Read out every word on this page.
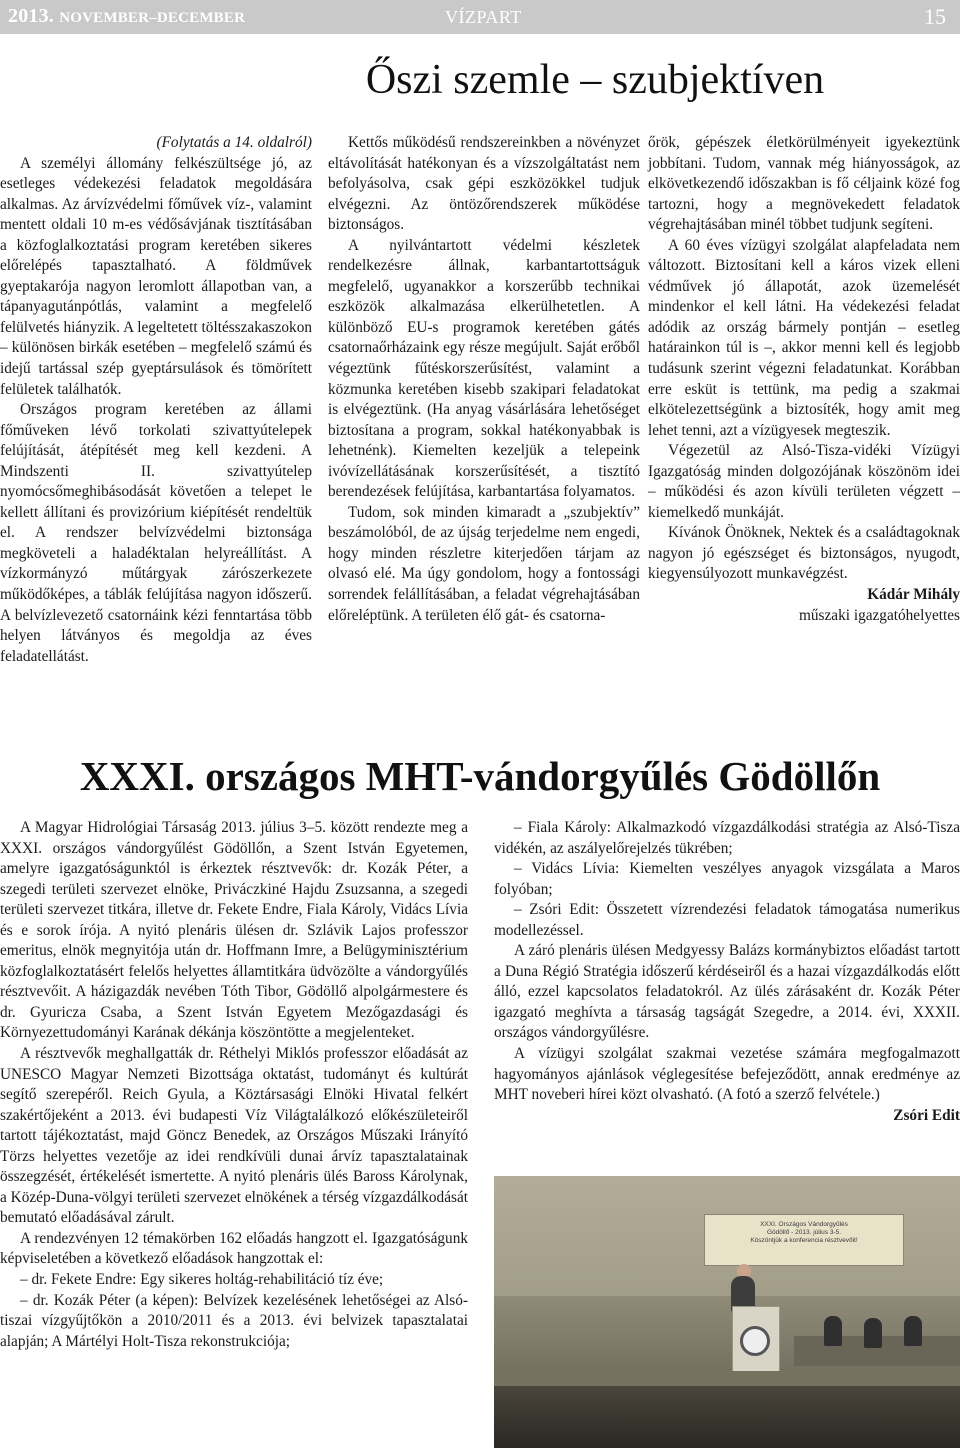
2013. NOVEMBER–DECEMBER	VÍZPART	15
Őszi szemle – szubjektíven

(Folytatás a 14. oldalról)

A személyi állomány felkészültsége jó, az esetleges védekezési feladatok megoldására alkalmas. Az árvízvédelmi főművek víz-, valamint mentett oldali 10 m-es védősávjának tisztításában a közfoglalkoztatási program keretében sikeres előrelépés tapasztalható. A földművek gyeptakarója nagyon leromlott állapotban van, a tápanyagutánpótlás, valamint a megfelelő felülvetés hiányzik. A legeltetett töltésszakaszokon – különösen birkák esetében – megfelelő számú és idejű tartással szép gyeptársulások és tömörített felületek találhatók.

Országos program keretében az állami főműveken lévő torkolati szivattyútelepek felújítását, átépítését meg kell kezdeni. A Mindszenti II. szivattyútelep nyomócsőmeghibásodását követően a telepet le kellett állítani és provizórium kiépítését rendeltük el. A rendszer belvízvédelmi biztonsága megköveteli a haladéktalan helyreállítást. A vízkormányzó műtárgyak zárószerkezete működőképes, a táblák felújítása nagyon időszerű. A belvízlevezető csatornáink kézi fenntartása több helyen látványos és megoldja az éves feladatellátást.

Kettős működésű rendszereinkben a növényzet eltávolítását hatékonyan és a vízszolgáltatást nem befolyásolva, csak gépi eszközökkel tudjuk elvégezni. Az öntözőrendszerek működése biztonságos.

A nyilvántartott védelmi készletek rendelkezésre állnak, karbantartottságuk megfelelő, ugyanakkor a korszerűbb technikai eszközök alkalmazása elkerülhetetlen. A különböző EU-s programok keretében gátés csatornaőrházaink egy része megújult. Saját erőből végeztünk fűtéskorszerűsítést, valamint a közmunka keretében kisebb szakipari feladatokat is elvégeztünk. (Ha anyag vásárlására lehetőséget biztosítana a program, sokkal hatékonyabbak is lehetnénk). Kiemelten kezeljük a telepeink ivóvízellátásának korszerűsítését, a tisztító berendezések felújítása, karbantartása folyamatos.

Tudom, sok minden kimaradt a „szubjektív” beszámolóból, de az újság terjedelme nem engedi, hogy minden részletre kiterjedően tárjam az olvasó elé. Ma úgy gondolom, hogy a fontossági sorrendek felállításában, a feladat végrehajtásában előreléptünk. A területen élő gát- és csatorna-

őrök, gépészek életkörülményeit igyekeztünk jobbítani. Tudom, vannak még hiányosságok, az elkövetkezendő időszakban is fő céljaink közé fog tartozni, hogy a megnövekedett feladatok végrehajtásában minél többet tudjunk segíteni.

A 60 éves vízügyi szolgálat alapfeladata nem változott. Biztosítani kell a káros vizek elleni védművek jó állapotát, azok üzemelését mindenkor el kell látni. Ha védekezési feladat adódik az ország bármely pontján – esetleg határainkon túl is –, akkor menni kell és legjobb tudásunk szerint végezni feladatunkat. Korábban erre esküt is tettünk, ma pedig a szakmai elkötelezettségünk a biztosíték, hogy amit meg lehet tenni, azt a vízügyesek megteszik.

Végezetül az Alsó-Tisza-vidéki Vízügyi Igazgatóság minden dolgozójának köszönöm idei – működési és azon kívüli területen végzett – kiemelkedő munkáját.

Kívánok Önöknek, Nektek és a családtagoknak nagyon jó egészséget és biztonságos, nyugodt, kiegyensúlyozott munkavégzést.

Kádár Mihály

műszaki igazgatóhelyettes

XXXI. országos MHT-vándorgyűlés Gödöllőn

A Magyar Hidrológiai Társaság 2013. július 3–5. között rendezte meg a XXXI. országos vándorgyűlést Gödöllőn, a Szent István Egyetemen, amelyre igazgatóságunktól is érkeztek résztvevők: dr. Kozák Péter, a szegedi területi szervezet elnöke, Priváczkiné Hajdu Zsuzsanna, a szegedi területi szervezet titkára, illetve dr. Fekete Endre, Fiala Károly, Vidács Lívia és e sorok írója. A nyitó plenáris ülésen dr. Szlávik Lajos professzor emeritus, elnök megnyitója után dr. Hoffmann Imre, a Belügyminisztérium közfoglalkoztatásért felelős helyettes államtitkára üdvözölte a vándorgyűlés résztvevőit. A házigazdák nevében Tóth Tibor, Gödöllő alpolgármestere és dr. Gyuricza Csaba, a Szent István Egyetem Mezőgazdasági és Környezettudományi Karának dékánja köszöntötte a megjelenteket.

A résztvevők meghallgatták dr. Réthelyi Miklós professzor előadását az UNESCO Magyar Nemzeti Bizottsága oktatást, tudományt és kultúrát segítő szerepéről. Reich Gyula, a Köztársasági Elnöki Hivatal felkért szakértőjeként a 2013. évi budapesti Víz Világtalálkozó előkészületeiről tartott tájékoztatást, majd Göncz Benedek, az Országos Műszaki Irányító Törzs helyettes vezetője az idei rendkívüli dunai árvíz tapasztalatainak összegzését, értékelését ismertette. A nyitó plenáris ülés Baross Károlynak, a Közép-Duna-völgyi területi szervezet elnökének a térség vízgazdálkodását bemutató előadásával zárult.

A rendezvényen 12 témakörben 162 előadás hangzott el. Igazgatóságunk képviseletében a következő előadások hangzottak el:

– dr. Fekete Endre: Egy sikeres holtág-rehabilitáció tíz éve;

– dr. Kozák Péter (a képen): Belvízek kezelésének lehetőségei az Alsó-tiszai vízgyűjtőkön a 2010/2011 és a 2013. évi belvizek tapasztalatai alapján; A Mártélyi Holt-Tisza rekonstrukciója;

– Fiala Károly: Alkalmazkodó vízgazdálkodási stratégia az Alsó-Tisza vidékén, az aszályelőrejelzés tükrében;

– Vidács Lívia: Kiemelten veszélyes anyagok vizsgálata a Maros folyóban;

– Zsóri Edit: Összetett vízrendezési feladatok támogatása numerikus modellezéssel.

A záró plenáris ülésen Medgyessy Balázs kormánybiztos előadást tartott a Duna Régió Stratégia időszerű kérdéseiről és a hazai vízgazdálkodás előtt álló, ezzel kapcsolatos feladatokról. Az ülés zárásaként dr. Kozák Péter igazgató meghívta a társaság tagságát Szegedre, a 2014. évi, XXXII. országos vándorgyűlésre.

A vízügyi szolgálat szakmai vezetése számára megfogalmazott hagyományos ajánlások véglegesítése befejeződött, annak eredménye az MHT noveberi hírei közt olvasható. (A fotó a szerző felvétele.)

Zsóri Edit

XXXI. Országos Vándorgyűlés
Gödöllő - 2013. július 3-5.
Köszöntjük a konferencia résztvevőit!
